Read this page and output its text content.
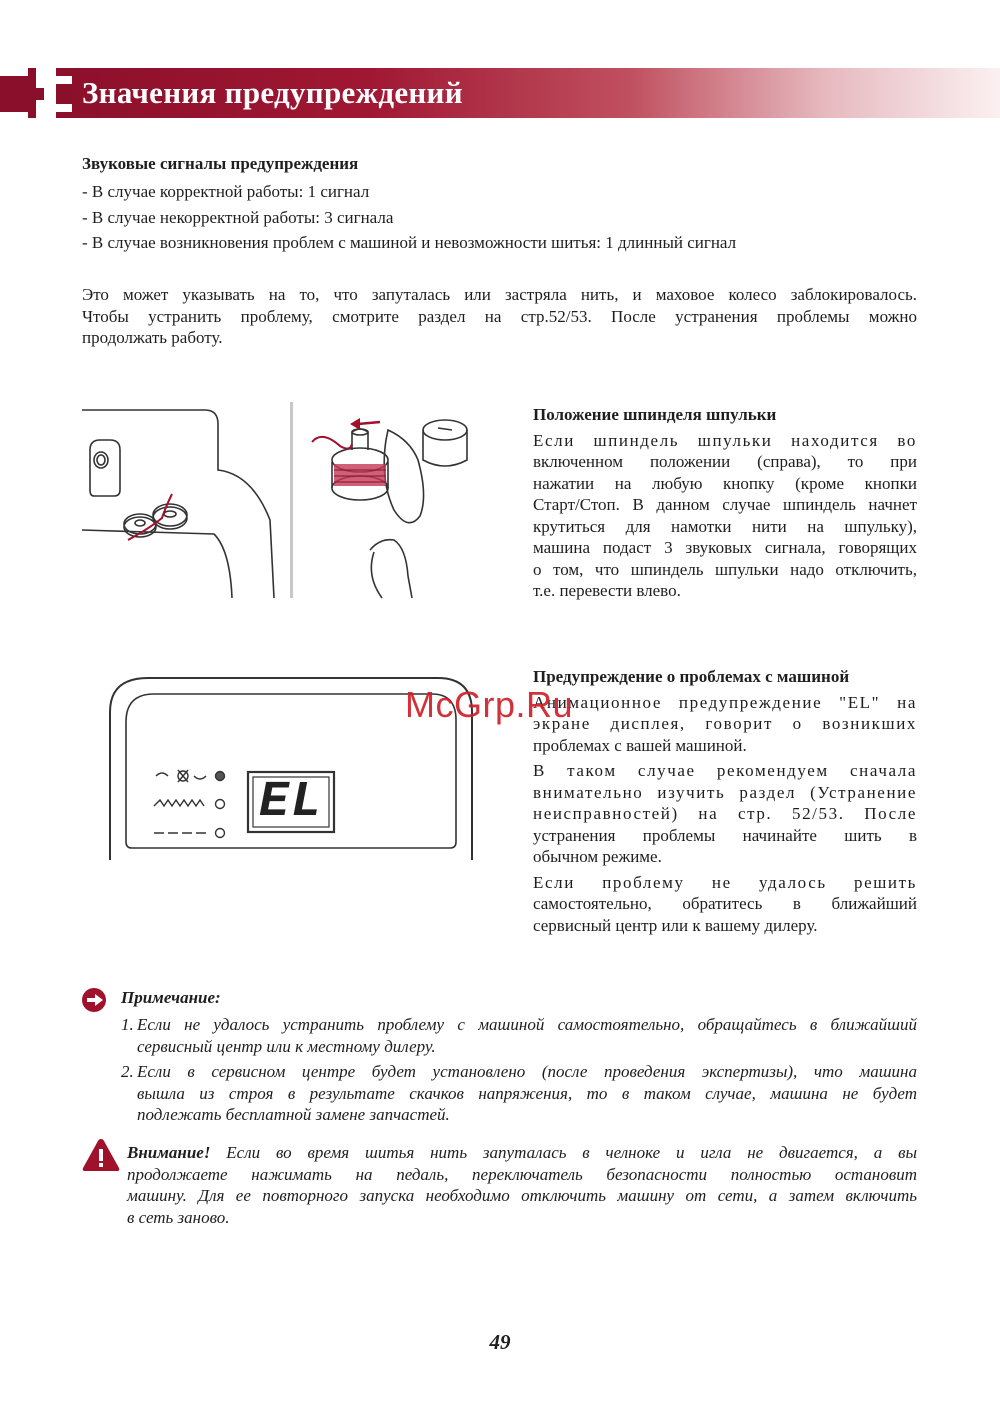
Значения предупреждений
Звуковые сигналы предупреждения
- В случае корректной работы: 1 сигнал
- В случае некорректной работы: 3 сигнала
- В случае возникновения проблем с машиной и невозможности шитья: 1 длинный сигнал
Это может указывать на то, что запуталась или застряла нить, и маховое колесо заблокировалось.
Чтобы устранить проблему, смотрите раздел на стр.52/53. После устранения проблемы можно
продолжать работу.
Положение шпинделя шпульки
Если шпиндель шпульки находится во
включенном положении (справа), то при
нажатии на любую кнопку (кроме кнопки
Старт/Стоп. В данном случае шпиндель начнет
крутиться для намотки нити на шпульку),
машина подаст 3 звуковых сигнала, говорящих
о том, что шпиндель шпульки надо отключить,
т.е. перевести влево.
EL
Предупреждение о проблемах с машиной
Анимационное предупреждение "EL" на
экране дисплея, говорит о возникших
проблемах с вашей машиной.
В таком случае рекомендуем сначала
внимательно изучить раздел (Устранение
неисправностей) на стр. 52/53. После
устранения проблемы начинайте шить в
обычном режиме.
Если проблему не удалось решить
самостоятельно, обратитесь в ближайший
сервисный центр или к вашему дилеру.
McGrp.Ru
Примечание:
1. Если не удалось устранить проблему с машиной самостоятельно, обращайтесь в ближайший
сервисный центр или к местному дилеру.
2. Если в сервисном центре будет установлено (после проведения экспертизы), что машина
вышла из строя в результате скачков напряжения, то в таком случае, машина не будет
подлежать бесплатной замене запчастей.
Внимание! Если во время шитья нить запуталась в челноке и игла не двигается, а вы
продолжаете нажимать на педаль, переключатель безопасности полностью остановит
машину. Для ее повторного запуска необходимо отключить машину от сети, а затем включить
в сеть заново.
49
